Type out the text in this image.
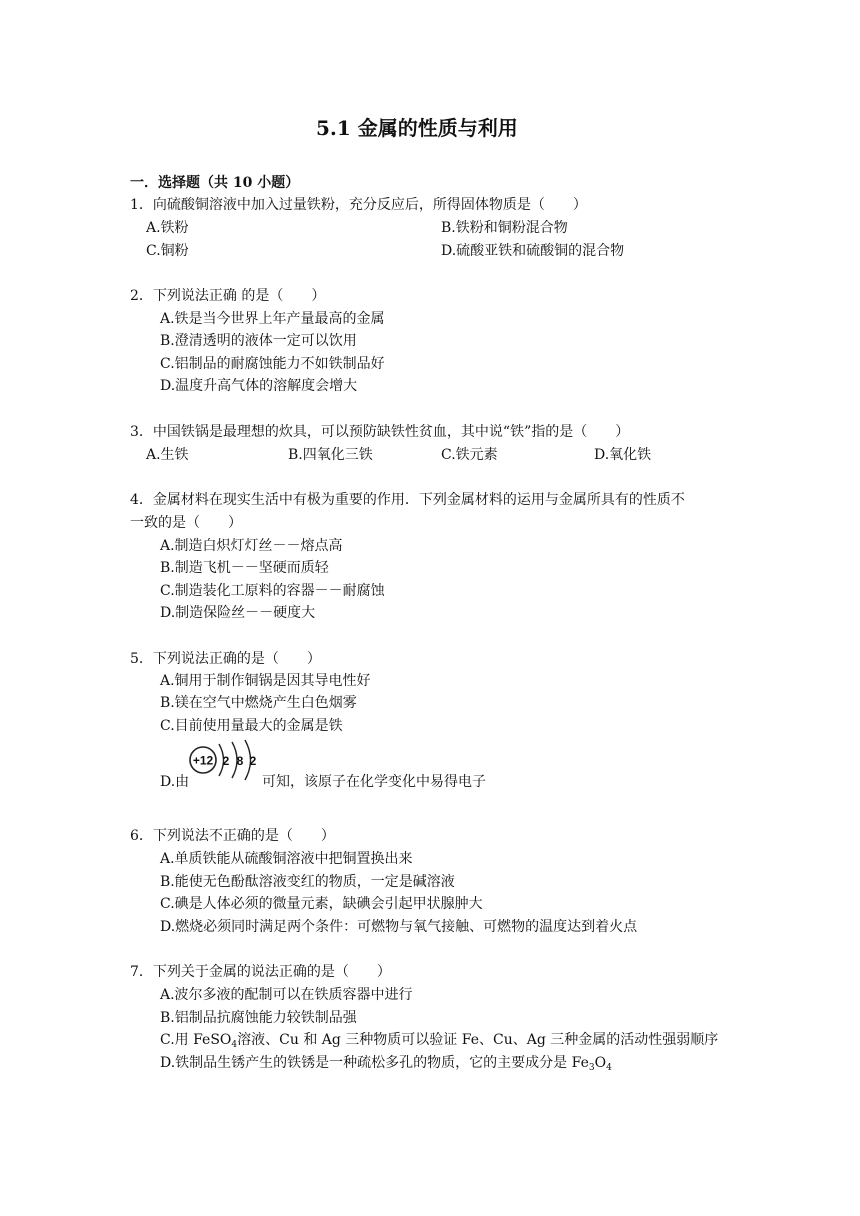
5.1 金属的性质与利用
一．选择题（共 10 小题）
1．向硫酸铜溶液中加入过量铁粉，充分反应后，所得固体物质是（　　）
A.铁粉	B.铁粉和铜粉混合物
C.铜粉	D.硫酸亚铁和硫酸铜的混合物
2．下列说法正确 的是（　　）
A.铁是当今世界上年产量最高的金属
B.澄清透明的液体一定可以饮用
C.铝制品的耐腐蚀能力不如铁制品好
D.温度升高气体的溶解度会增大
3．中国铁锅是最理想的炊具，可以预防缺铁性贫血，其中说“铁”指的是（　　）
A.生铁	B.四氧化三铁	C.铁元素	D.氧化铁
4．金属材料在现实生活中有极为重要的作用．下列金属材料的运用与金属所具有的性质不
一致的是（　　）
A.制造白炽灯灯丝－－熔点高
B.制造飞机－－坚硬而质轻
C.制造装化工原料的容器－－耐腐蚀
D.制造保险丝－－硬度大
5．下列说法正确的是（　　）
A.铜用于制作铜锅是因其导电性好
B.镁在空气中燃烧产生白色烟雾
C.目前使用量最大的金属是铁
D.由
+12 2 8 2
可知，该原子在化学变化中易得电子
6．下列说法不正确的是（　　）
A.单质铁能从硫酸铜溶液中把铜置换出来
B.能使无色酚酞溶液变红的物质，一定是碱溶液
C.碘是人体必须的微量元素，缺碘会引起甲状腺肿大
D.燃烧必须同时满足两个条件：可燃物与氧气接触、可燃物的温度达到着火点
7．下列关于金属的说法正确的是（　　）
A.波尔多液的配制可以在铁质容器中进行
B.铝制品抗腐蚀能力较铁制品强
C.用 FeSO$_4$溶液、Cu 和 Ag 三种物质可以验证 Fe、Cu、Ag 三种金属的活动性强弱顺序
D.铁制品生锈产生的铁锈是一种疏松多孔的物质，它的主要成分是 $Fe_3O_4$
